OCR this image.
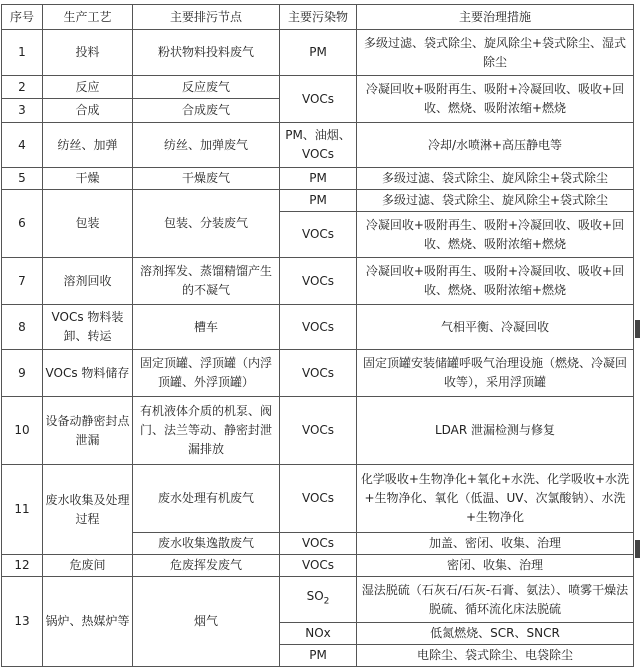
序号	生产工艺	主要排污节点	主要污染物	主要治理措施
1	投料	粉状物料投料废气	PM	多级过滤、袋式除尘、旋风除尘+袋式除尘、湿式除尘
2	反应	反应废气	VOCs	冷凝回收+吸附再生、吸附+冷凝回收、吸收+回收、燃烧、吸附浓缩+燃烧
3	合成	合成废气		
4	纺丝、加弹	纺丝、加弹废气	PM、油烟、VOCs	冷却/水喷淋+高压静电等
5	干燥	干燥废气	PM	多级过滤、袋式除尘、旋风除尘+袋式除尘
6	包装	包装、分装废气	PM	多级过滤、袋式除尘、旋风除尘+袋式除尘
			VOCs	冷凝回收+吸附再生、吸附+冷凝回收、吸收+回收、燃烧、吸附浓缩+燃烧
7	溶剂回收	溶剂挥发、蒸馏精馏产生的不凝气	VOCs	冷凝回收+吸附再生、吸附+冷凝回收、吸收+回收、燃烧、吸附浓缩+燃烧
8	VOCs 物料装卸、转运	槽车	VOCs	气相平衡、冷凝回收
9	VOCs 物料储存	固定顶罐、浮顶罐（内浮顶罐、外浮顶罐）	VOCs	固定顶罐安装储罐呼吸气治理设施（燃烧、冷凝回收等），采用浮顶罐
10	设备动静密封点泄漏	有机液体介质的机泵、阀门、法兰等动、静密封泄漏排放	VOCs	LDAR 泄漏检测与修复
11	废水收集及处理过程	废水处理有机废气	VOCs	化学吸收+生物净化+氧化+水洗、化学吸收+水洗+生物净化、氧化（低温、UV、次氯酸钠）、水洗+生物净化
		废水收集逸散废气	VOCs	加盖、密闭、收集、治理
12	危废间	危废挥发废气	VOCs	密闭、收集、治理
13	锅炉、热媒炉等	烟气	$SO_2$	湿法脱硫（石灰石/石灰-石膏、氨法）、喷雾干燥法脱硫、循环流化床法脱硫
			NOx	低氮燃烧、SCR、SNCR
			PM	电除尘、袋式除尘、电袋除尘
